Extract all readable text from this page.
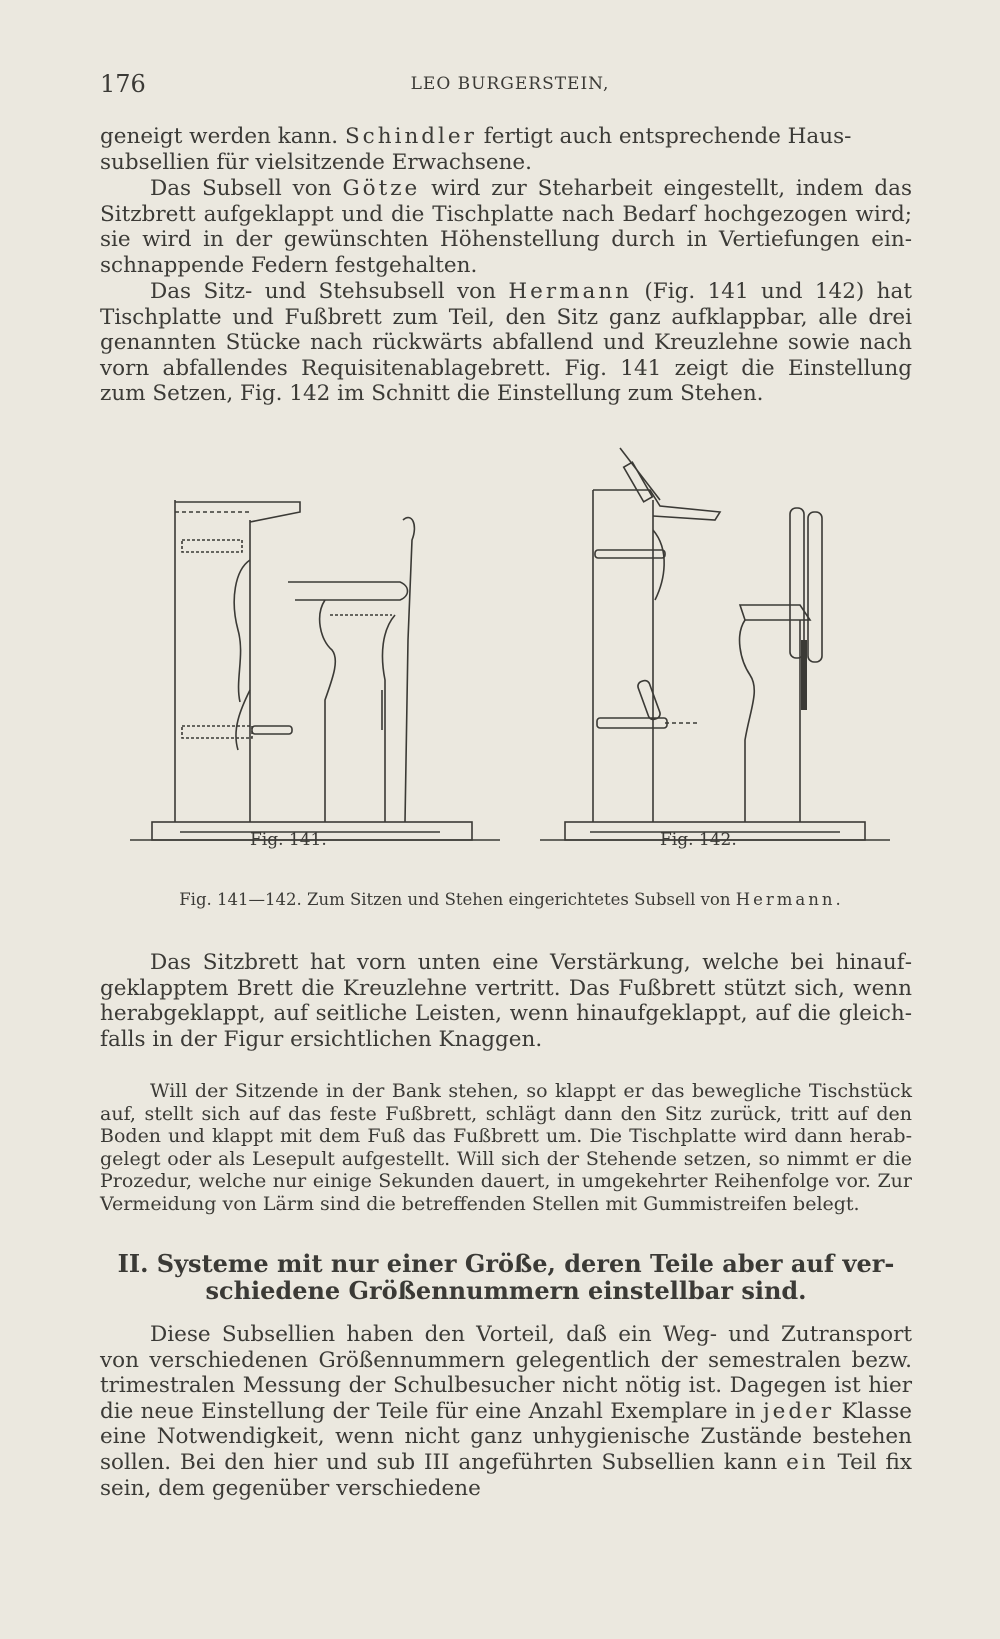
176	LEO BURGERSTEIN,

geneigt werden kann. Schindler fertigt auch entsprechende Haus-
subsellien für vielsitzende Erwachsene.

Das Subsell von Götze wird zur Steharbeit eingestellt, indem das Sitzbrett aufgeklappt und die Tischplatte nach Bedarf hochgezogen wird; sie wird in der gewünschten Höhenstellung durch in Vertiefungen einschnappende Federn festgehalten.

Das Sitz- und Stehsubsell von Hermann (Fig. 141 und 142) hat Tischplatte und Fußbrett zum Teil, den Sitz ganz aufklappbar, alle drei genannten Stücke nach rückwärts abfallend und Kreuzlehne sowie nach vorn abfallendes Requisitenablagebrett. Fig. 141 zeigt die Einstellung zum Setzen, Fig. 142 im Schnitt die Einstellung zum Stehen.

Fig. 141.	Fig. 142.
Fig. 141—142. Zum Sitzen und Stehen eingerichtetes Subsell von Hermann.

Das Sitzbrett hat vorn unten eine Verstärkung, welche bei hinaufgeklapptem Brett die Kreuzlehne vertritt. Das Fußbrett stützt sich, wenn herabgeklappt, auf seitliche Leisten, wenn hinaufgeklappt, auf die gleichfalls in der Figur ersichtlichen Knaggen.

Will der Sitzende in der Bank stehen, so klappt er das bewegliche Tischstück auf, stellt sich auf das feste Fußbrett, schlägt dann den Sitz zurück, tritt auf den Boden und klappt mit dem Fuß das Fußbrett um. Die Tischplatte wird dann herabgelegt oder als Lesepult aufgestellt. Will sich der Stehende setzen, so nimmt er die Prozedur, welche nur einige Sekunden dauert, in umgekehrter Reihenfolge vor. Zur Vermeidung von Lärm sind die betreffenden Stellen mit Gummistreifen belegt.

II. Systeme mit nur einer Größe, deren Teile aber auf verschiedene Größennummern einstellbar sind.

Diese Subsellien haben den Vorteil, daß ein Weg- und Zutransport von verschiedenen Größennummern gelegentlich der semestralen bezw. trimestralen Messung der Schulbesucher nicht nötig ist. Dagegen ist hier die neue Einstellung der Teile für eine Anzahl Exemplare in jeder Klasse eine Notwendigkeit, wenn nicht ganz unhygienische Zustände bestehen sollen. Bei den hier und sub III angeführten Subsellien kann ein Teil fix sein, dem gegenüber verschiedene
